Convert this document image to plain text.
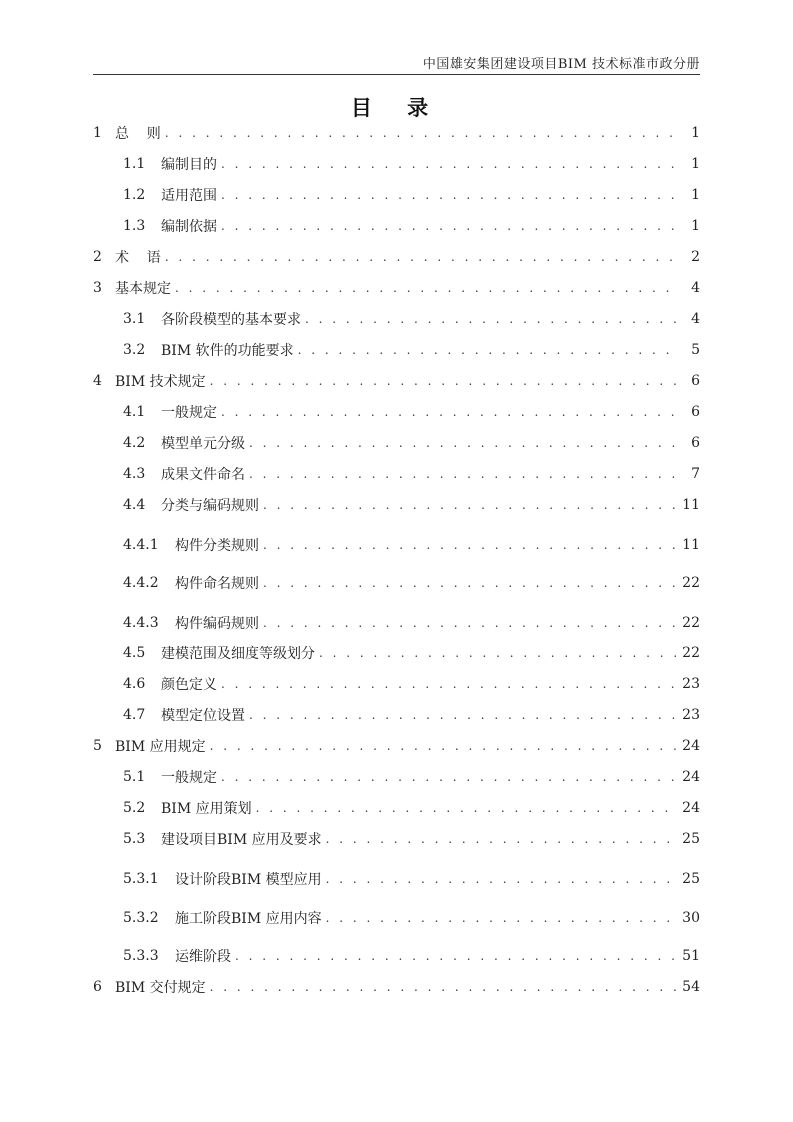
中国雄安集团建设项目BIM 技术标准市政分册
目 录
1 总    则 . . .	1
1.1	编制目的 . . .	1
1.2	适用范围 . . .	1
1.3	编制依据 . . .	1
2 术    语 . . .	2
3 基本规定 . . .	4
3.1	各阶段模型的基本要求 . . .	4
3.2	BIM 软件的功能要求 . . .	5
4 BIM 技术规定 . . .	6
4.1	一般规定 . . .	6
4.2	模型单元分级 . . .	6
4.3	成果文件命名 . . .	7
4.4	分类与编码规则 . . .	11
4.4.1	构件分类规则 . . .	11
4.4.2	构件命名规则 . . .	22
4.4.3	构件编码规则 . . .	22
4.5	建模范围及细度等级划分 . . .	22
4.6	颜色定义 . . .	23
4.7	模型定位设置 . . .	23
5 BIM 应用规定 . . .	24
5.1	一般规定 . . .	24
5.2	BIM 应用策划 . . .	24
5.3	建设项目BIM 应用及要求 . . .	25
5.3.1	设计阶段BIM 模型应用 . . .	25
5.3.2	施工阶段BIM 应用内容 . . .	30
5.3.3	运维阶段 . . .	51
6 BIM 交付规定 . . .	54
